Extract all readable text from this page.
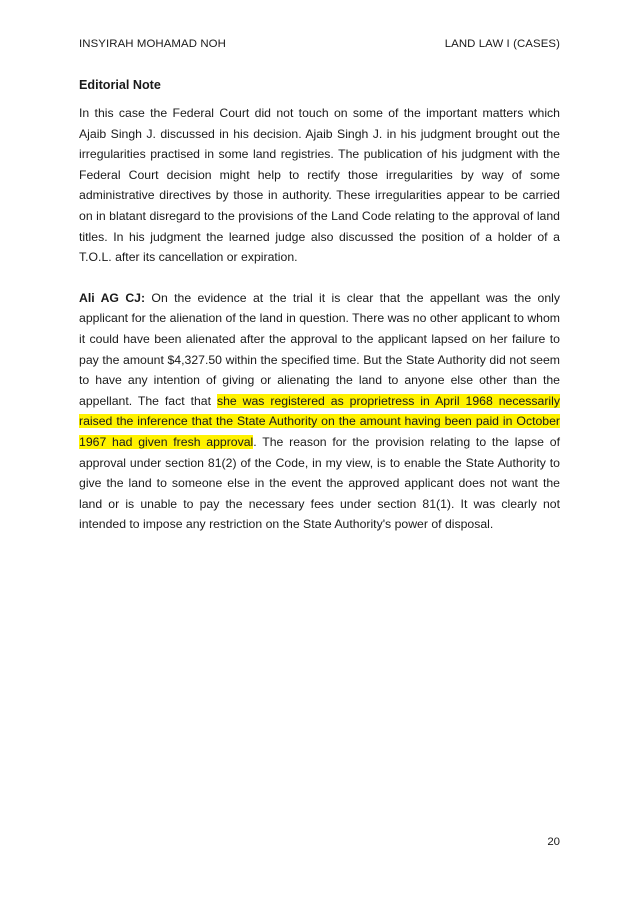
INSYIRAH MOHAMAD NOH	LAND LAW I (CASES)

Editorial Note

In this case the Federal Court did not touch on some of the important matters which Ajaib Singh J. discussed in his decision. Ajaib Singh J. in his judgment brought out the irregularities practised in some land registries. The publication of his judgment with the Federal Court decision might help to rectify those irregularities by way of some administrative directives by those in authority. These irregularities appear to be carried on in blatant disregard to the provisions of the Land Code relating to the approval of land titles. In his judgment the learned judge also discussed the position of a holder of a T.O.L. after its cancellation or expiration.

Ali AG CJ: On the evidence at the trial it is clear that the appellant was the only applicant for the alienation of the land in question. There was no other applicant to whom it could have been alienated after the approval to the applicant lapsed on her failure to pay the amount $4,327.50 within the specified time. But the State Authority did not seem to have any intention of giving or alienating the land to anyone else other than the appellant. The fact that she was registered as proprietress in April 1968 necessarily raised the inference that the State Authority on the amount having been paid in October 1967 had given fresh approval. The reason for the provision relating to the lapse of approval under section 81(2) of the Code, in my view, is to enable the State Authority to give the land to someone else in the event the approved applicant does not want the land or is unable to pay the necessary fees under section 81(1). It was clearly not intended to impose any restriction on the State Authority's power of disposal.

20
